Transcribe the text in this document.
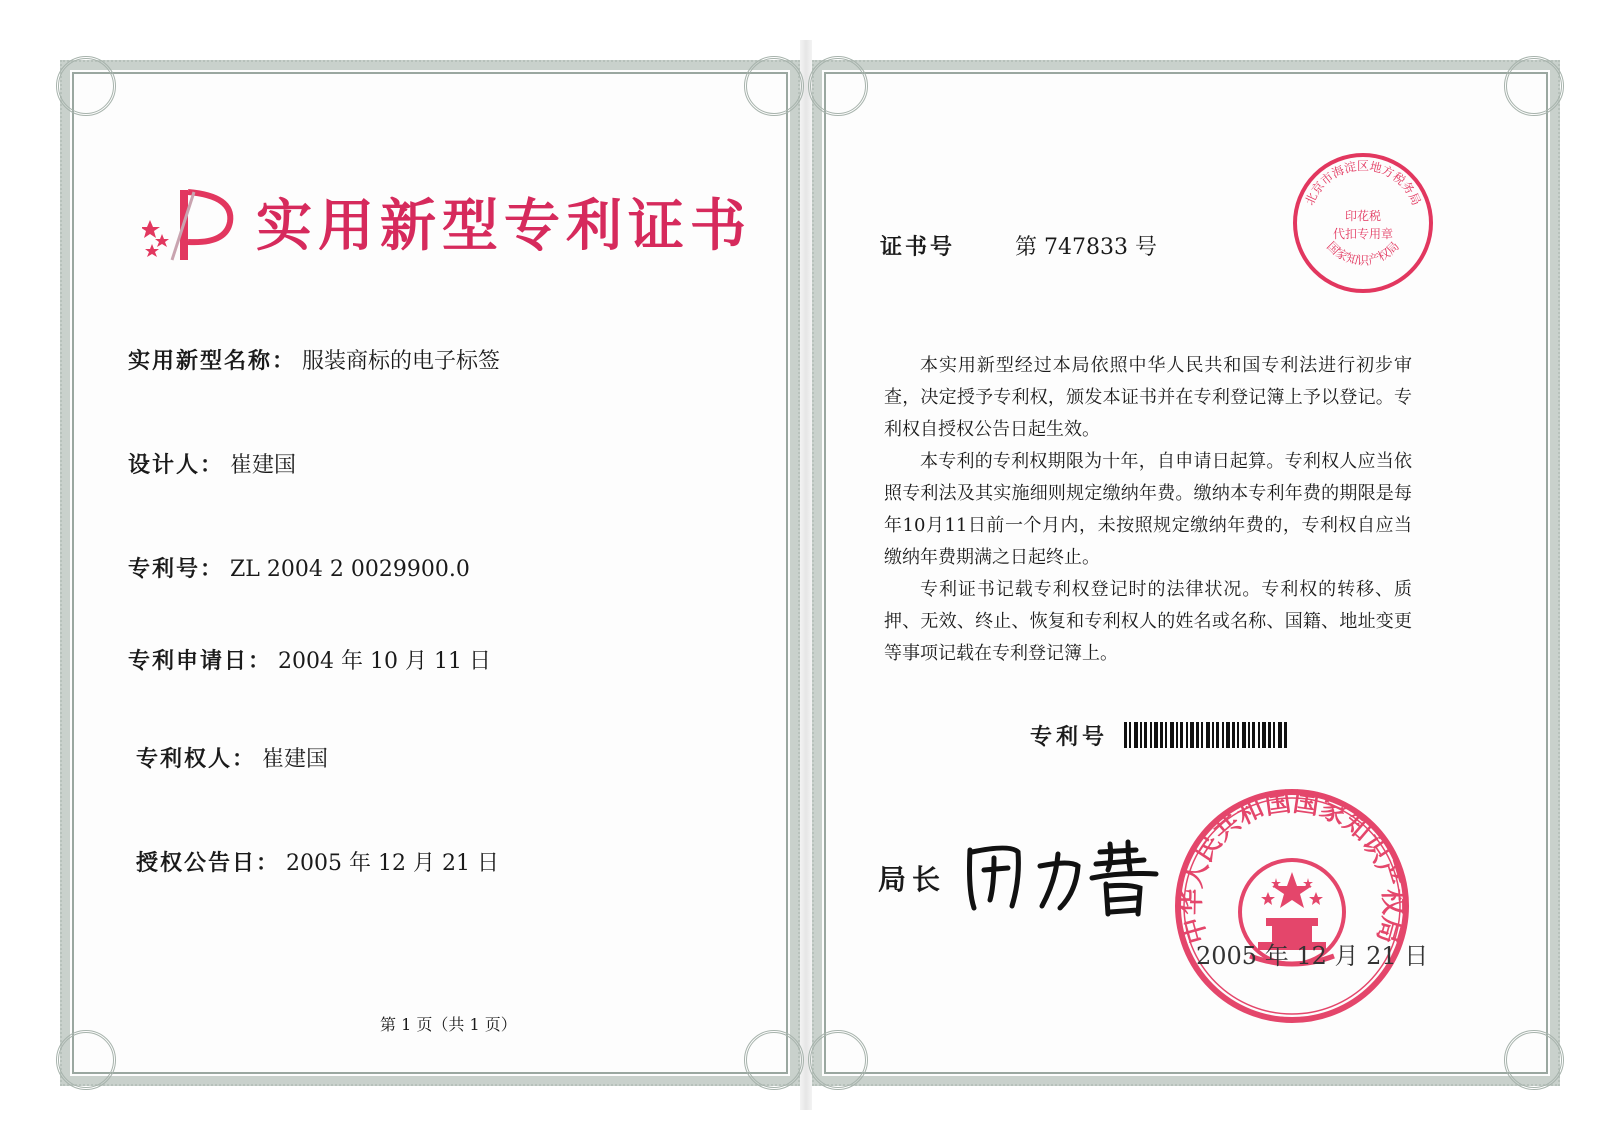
实用新型专利证书
实用新型名称： 服装商标的电子标签
设计人： 崔建国
专利号： ZL 2004 2 0029900.0
专利申请日： 2004 年 10 月 11 日
专利权人： 崔建国
授权公告日： 2005 年 12 月 21 日
第 1 页（共 1 页）
证书号	第 747833 号
北京市海淀区地方税务局
印花税
代扣专用章
国家知识产权局

本实用新型经过本局依照中华人民共和国专利法进行初步审查，决定授予专利权，颁发本证书并在专利登记簿上予以登记。专利权自授权公告日起生效。

本专利的专利权期限为十年，自申请日起算。专利权人应当依照专利法及其实施细则规定缴纳年费。缴纳本专利年费的期限是每年10月11日前一个月内，未按照规定缴纳年费的，专利权自应当缴纳年费期满之日起终止。

专利证书记载专利权登记时的法律状况。专利权的转移、质押、无效、终止、恢复和专利权人的姓名或名称、国籍、地址变更等事项记载在专利登记簿上。

专利号
局长
中华人民共和国国家知识产权局
2005 年 12 月 21 日
